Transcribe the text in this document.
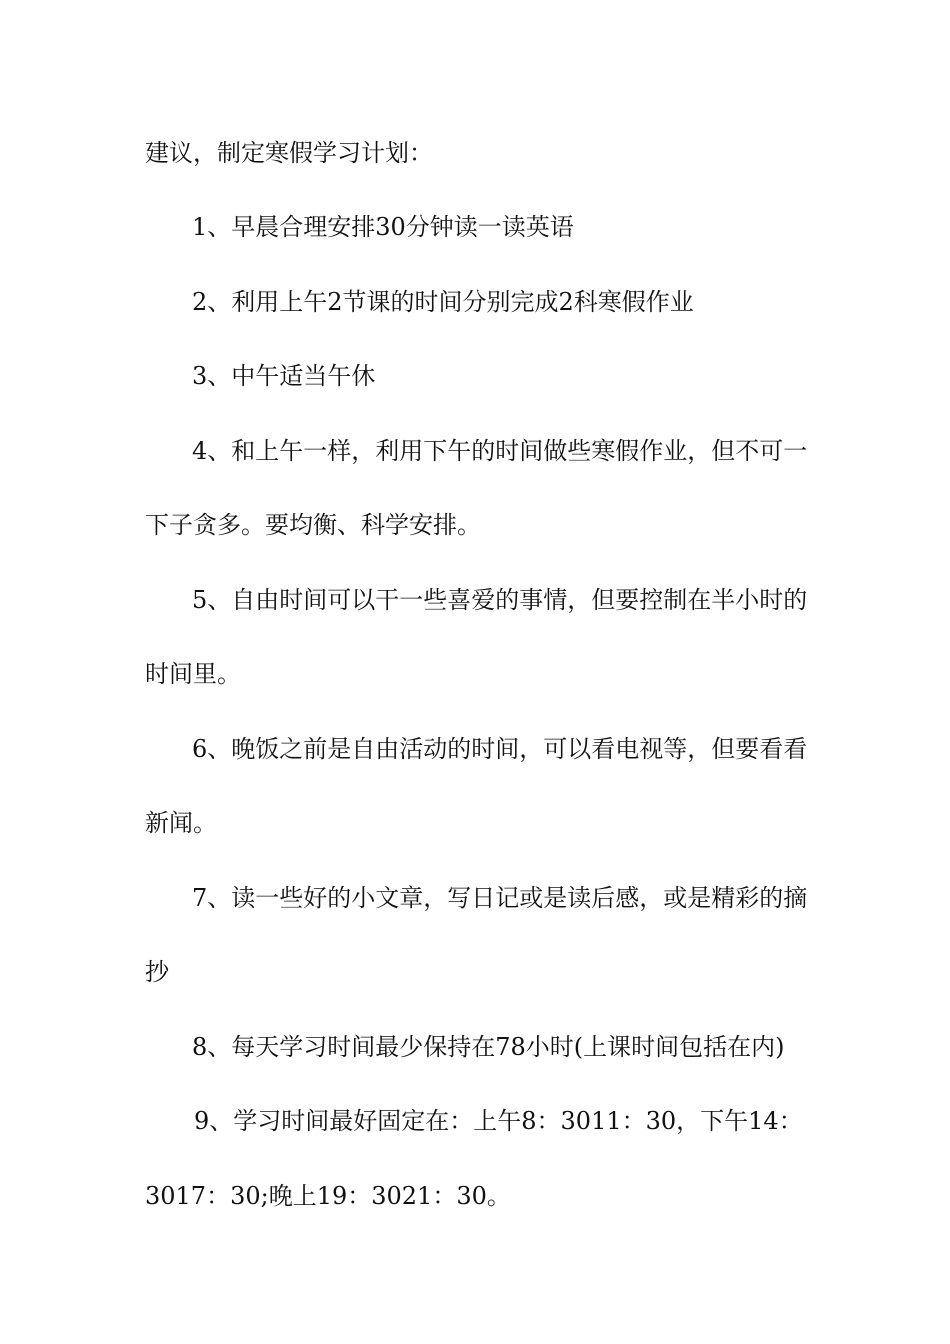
建议，制定寒假学习计划：
1、早晨合理安排30分钟读一读英语
2、利用上午2节课的时间分别完成2科寒假作业
3、中午适当午休
4、和上午一样，利用下午的时间做些寒假作业，但不可一
下子贪多。要均衡、科学安排。
5、自由时间可以干一些喜爱的事情，但要控制在半小时的
时间里。
6、晚饭之前是自由活动的时间，可以看电视等，但要看看
新闻。
7、读一些好的小文章，写日记或是读后感，或是精彩的摘
抄
8、每天学习时间最少保持在78小时(上课时间包括在内)
9、学习时间最好固定在：上午8：3011：30，下午14：
3017：30;晚上19：3021：30。
